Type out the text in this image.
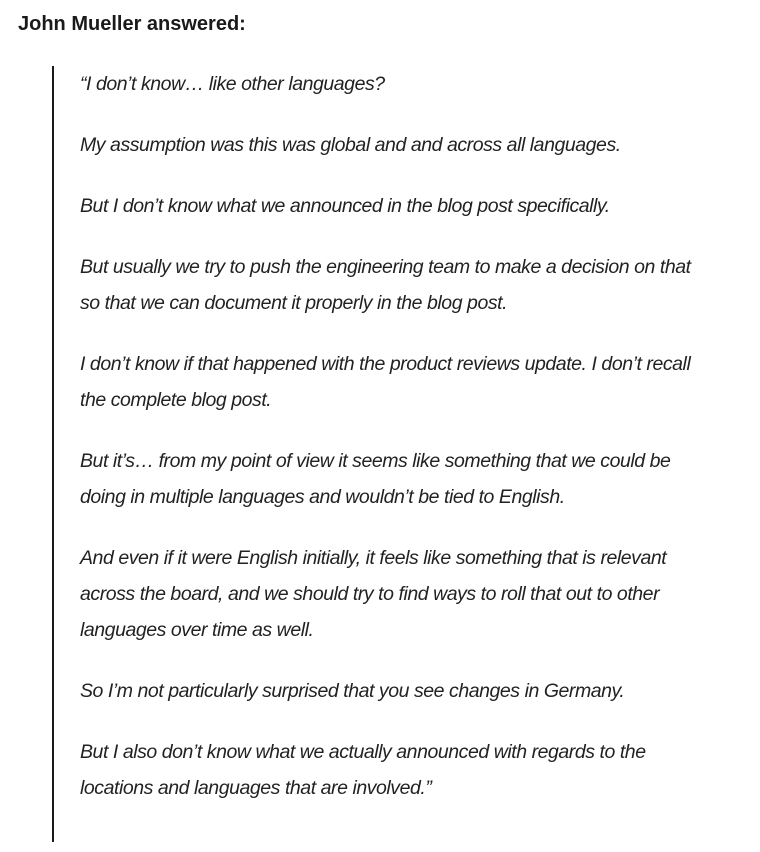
John Mueller answered:

“I don’t know… like other languages?

My assumption was this was global and and across all languages.

But I don’t know what we announced in the blog post specifically.

But usually we try to push the engineering team to make a decision on that so that we can document it properly in the blog post.

I don’t know if that happened with the product reviews update. I don’t recall the complete blog post.

But it’s… from my point of view it seems like something that we could be doing in multiple languages and wouldn’t be tied to English.

And even if it were English initially, it feels like something that is relevant across the board, and we should try to find ways to roll that out to other languages over time as well.

So I’m not particularly surprised that you see changes in Germany.

But I also don’t know what we actually announced with regards to the locations and languages that are involved.”
